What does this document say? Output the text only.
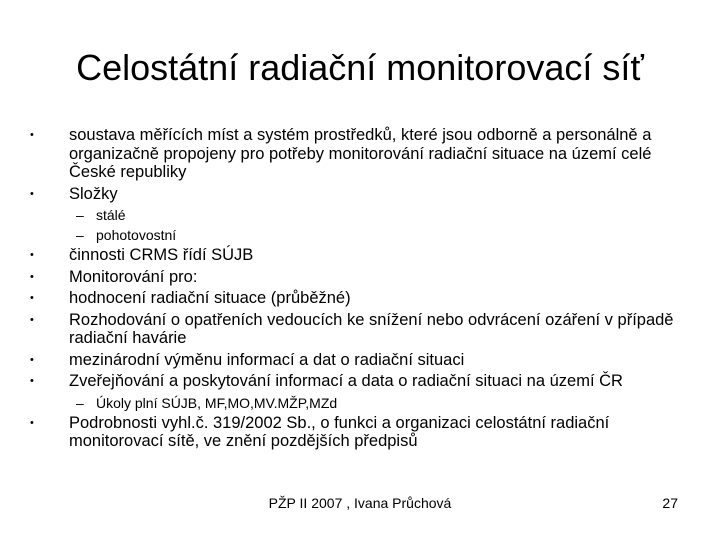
Celostátní radiační monitorovací síť
• soustava měřících míst a systém prostředků, které jsou odborně a personálně a organizačně propojeny pro potřeby monitorování radiační situace na území celé České republiky
• Složky
– stálé
– pohotovostní
• činnosti CRMS řídí SÚJB
• Monitorování pro:
• hodnocení radiační situace (průběžné)
• Rozhodování o opatřeních vedoucích ke snížení nebo odvrácení ozáření v případě radiační havárie
• mezinárodní výměnu informací a dat o radiační situaci
• Zveřejňování a poskytování informací a data o radiační situaci na území ČR
– Úkoly plní SÚJB, MF,MO,MV.MŽP,MZd
• Podrobnosti vyhl.č. 319/2002 Sb., o funkci a organizaci celostátní radiační monitorovací sítě, ve znění pozdějších předpisů
PŽP II 2007 , Ivana Průchová	27
